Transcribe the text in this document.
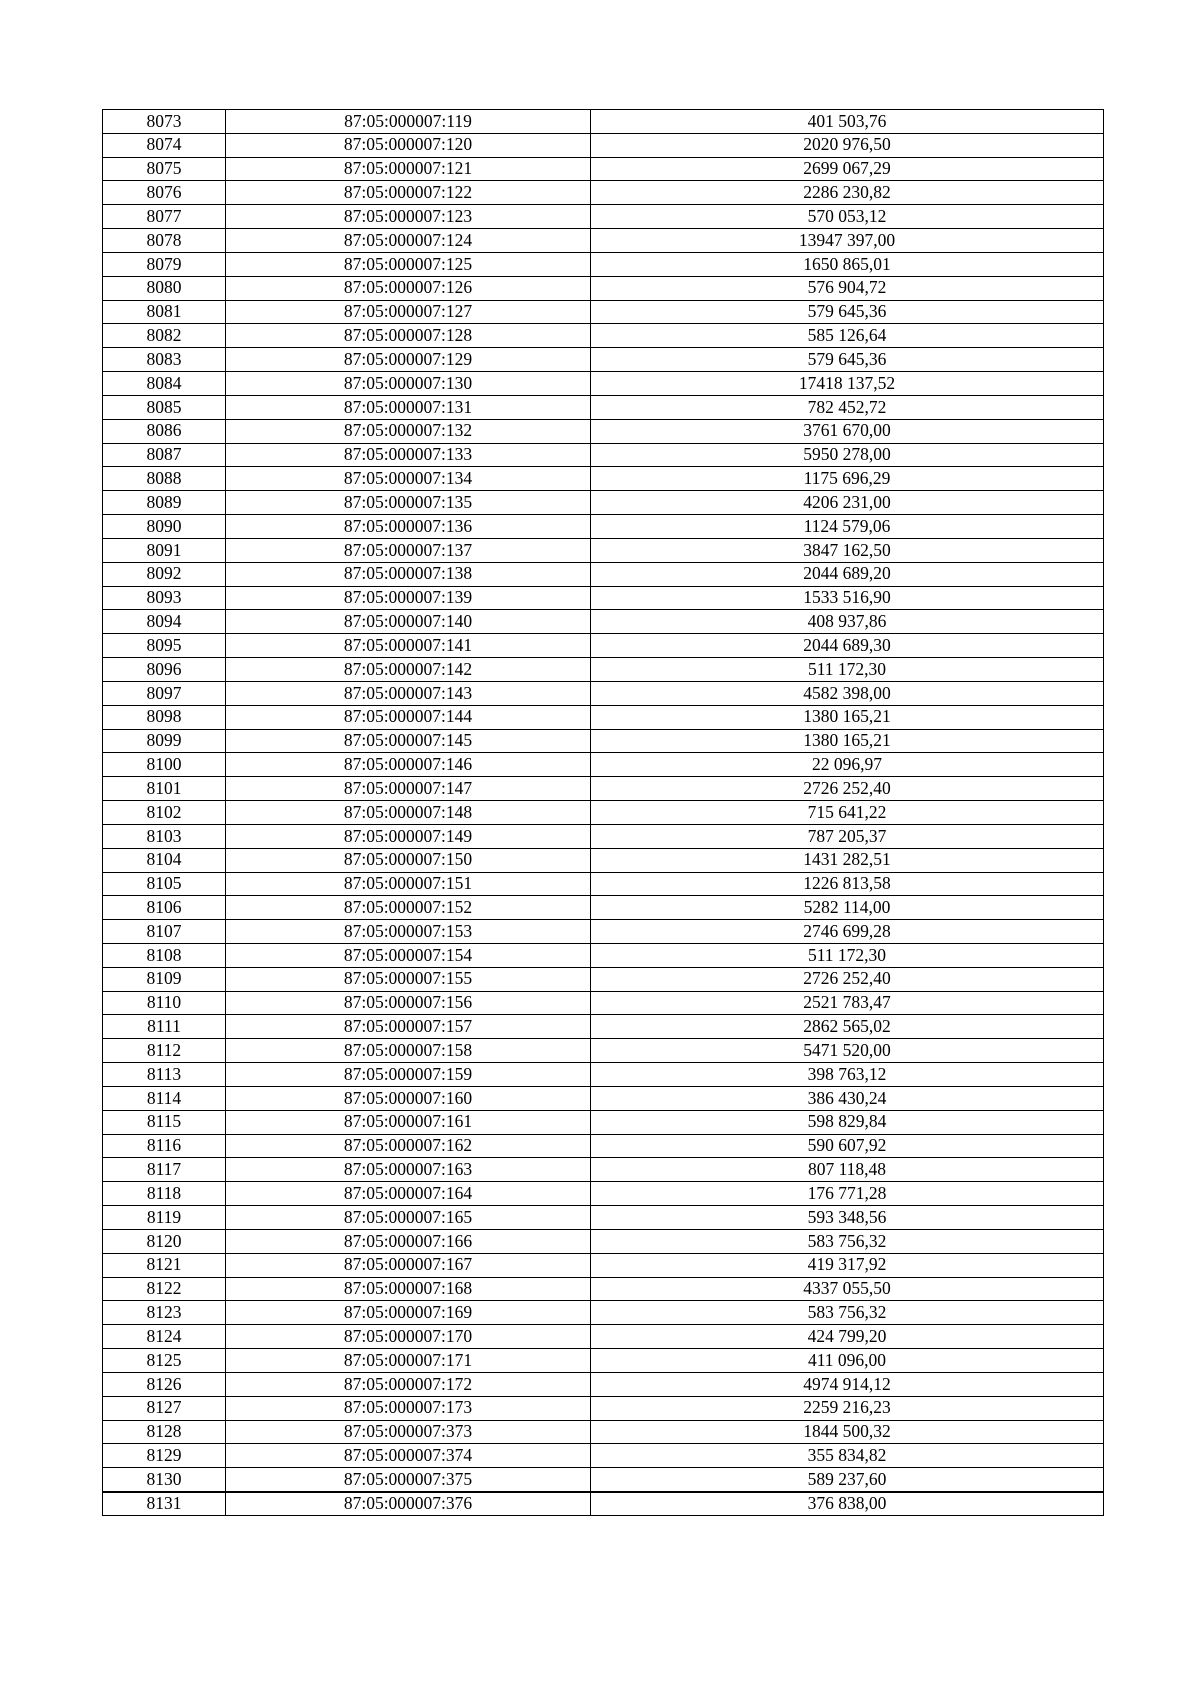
8073	87:05:000007:119	401 503,76
8074	87:05:000007:120	2020 976,50
8075	87:05:000007:121	2699 067,29
8076	87:05:000007:122	2286 230,82
8077	87:05:000007:123	570 053,12
8078	87:05:000007:124	13947 397,00
8079	87:05:000007:125	1650 865,01
8080	87:05:000007:126	576 904,72
8081	87:05:000007:127	579 645,36
8082	87:05:000007:128	585 126,64
8083	87:05:000007:129	579 645,36
8084	87:05:000007:130	17418 137,52
8085	87:05:000007:131	782 452,72
8086	87:05:000007:132	3761 670,00
8087	87:05:000007:133	5950 278,00
8088	87:05:000007:134	1175 696,29
8089	87:05:000007:135	4206 231,00
8090	87:05:000007:136	1124 579,06
8091	87:05:000007:137	3847 162,50
8092	87:05:000007:138	2044 689,20
8093	87:05:000007:139	1533 516,90
8094	87:05:000007:140	408 937,86
8095	87:05:000007:141	2044 689,30
8096	87:05:000007:142	511 172,30
8097	87:05:000007:143	4582 398,00
8098	87:05:000007:144	1380 165,21
8099	87:05:000007:145	1380 165,21
8100	87:05:000007:146	22 096,97
8101	87:05:000007:147	2726 252,40
8102	87:05:000007:148	715 641,22
8103	87:05:000007:149	787 205,37
8104	87:05:000007:150	1431 282,51
8105	87:05:000007:151	1226 813,58
8106	87:05:000007:152	5282 114,00
8107	87:05:000007:153	2746 699,28
8108	87:05:000007:154	511 172,30
8109	87:05:000007:155	2726 252,40
8110	87:05:000007:156	2521 783,47
8111	87:05:000007:157	2862 565,02
8112	87:05:000007:158	5471 520,00
8113	87:05:000007:159	398 763,12
8114	87:05:000007:160	386 430,24
8115	87:05:000007:161	598 829,84
8116	87:05:000007:162	590 607,92
8117	87:05:000007:163	807 118,48
8118	87:05:000007:164	176 771,28
8119	87:05:000007:165	593 348,56
8120	87:05:000007:166	583 756,32
8121	87:05:000007:167	419 317,92
8122	87:05:000007:168	4337 055,50
8123	87:05:000007:169	583 756,32
8124	87:05:000007:170	424 799,20
8125	87:05:000007:171	411 096,00
8126	87:05:000007:172	4974 914,12
8127	87:05:000007:173	2259 216,23
8128	87:05:000007:373	1844 500,32
8129	87:05:000007:374	355 834,82
8130	87:05:000007:375	589 237,60
8131	87:05:000007:376	376 838,00
